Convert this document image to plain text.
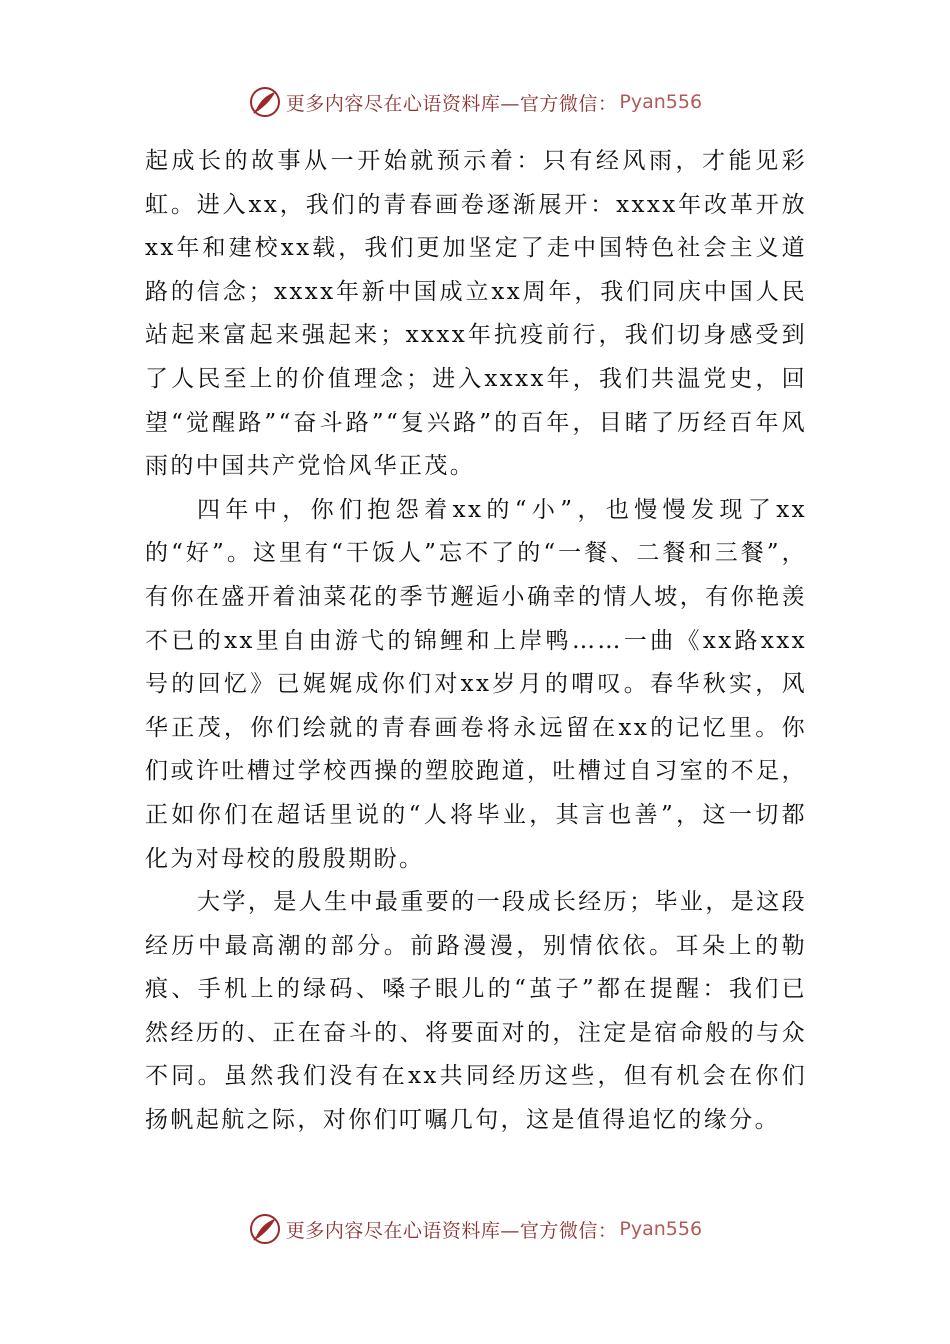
更多内容尽在心语资料库—官方微信： Pyan556

起成长的故事从一开始就预示着：只有经风雨，才能见彩虹。进入xx，我们的青春画卷逐渐展开：xxxx年改革开放xx年和建校xx载，我们更加坚定了走中国特色社会主义道路的信念；xxxx年新中国成立xx周年，我们同庆中国人民站起来富起来强起来；xxxx年抗疫前行，我们切身感受到了人民至上的价值理念；进入xxxx年，我们共温党史，回望“觉醒路”“奋斗路”“复兴路”的百年，目睹了历经百年风雨的中国共产党恰风华正茂。

四年中，你们抱怨着xx的“小”，也慢慢发现了xx的“好”。这里有“干饭人”忘不了的“一餐、二餐和三餐”，有你在盛开着油菜花的季节邂逅小确幸的情人坡，有你艳羡不已的xx里自由游弋的锦鲤和上岸鸭……一曲《xx路xxx号的回忆》已娓娓成你们对xx岁月的喟叹。春华秋实，风华正茂，你们绘就的青春画卷将永远留在xx的记忆里。你们或许吐槽过学校西操的塑胶跑道，吐槽过自习室的不足，正如你们在超话里说的“人将毕业，其言也善”，这一切都化为对母校的殷殷期盼。

大学，是人生中最重要的一段成长经历；毕业，是这段经历中最高潮的部分。前路漫漫，别情依依。耳朵上的勒痕、手机上的绿码、嗓子眼儿的“茧子”都在提醒：我们已然经历的、正在奋斗的、将要面对的，注定是宿命般的与众不同。虽然我们没有在xx共同经历这些，但有机会在你们扬帆起航之际，对你们叮嘱几句，这是值得追忆的缘分。

更多内容尽在心语资料库—官方微信： Pyan556
